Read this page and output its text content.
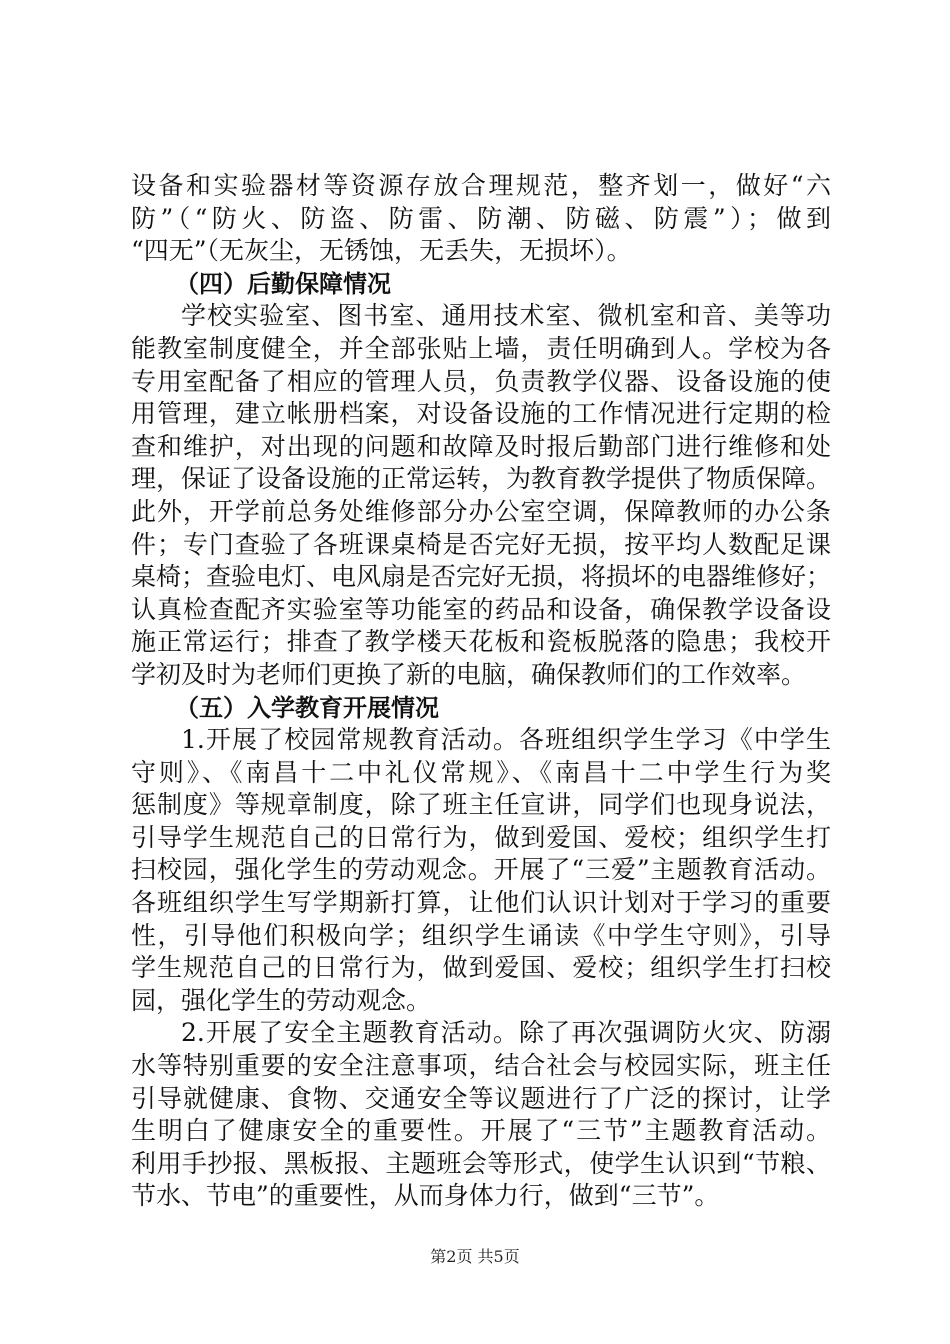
设备和实验器材等资源存放合理规范，整齐划一，做好“六
防”（“防火、防盗、防雷、防潮、防磁、防震”）；做到
“四无”（无灰尘，无锈蚀，无丢失，无损坏）。
（四）后勤保障情况
学校实验室、图书室、通用技术室、微机室和音、美等功
能教室制度健全，并全部张贴上墙，责任明确到人。学校为各
专用室配备了相应的管理人员，负责教学仪器、设备设施的使
用管理，建立帐册档案，对设备设施的工作情况进行定期的检
查和维护，对出现的问题和故障及时报后勤部门进行维修和处
理，保证了设备设施的正常运转，为教育教学提供了物质保障。
此外，开学前总务处维修部分办公室空调，保障教师的办公条
件；专门查验了各班课桌椅是否完好无损，按平均人数配足课
桌椅；查验电灯、电风扇是否完好无损，将损坏的电器维修好；
认真检查配齐实验室等功能室的药品和设备，确保教学设备设
施正常运行；排查了教学楼天花板和瓷板脱落的隐患；我校开
学初及时为老师们更换了新的电脑，确保教师们的工作效率。
（五）入学教育开展情况
1.开展了校园常规教育活动。各班组织学生学习《中学生
守则》、《南昌十二中礼仪常规》、《南昌十二中学生行为奖
惩制度》等规章制度，除了班主任宣讲，同学们也现身说法，
引导学生规范自己的日常行为，做到爱国、爱校；组织学生打
扫校园，强化学生的劳动观念。开展了“三爱”主题教育活动。
各班组织学生写学期新打算，让他们认识计划对于学习的重要
性，引导他们积极向学；组织学生诵读《中学生守则》，引导
学生规范自己的日常行为，做到爱国、爱校；组织学生打扫校
园，强化学生的劳动观念。
2.开展了安全主题教育活动。除了再次强调防火灾、防溺
水等特别重要的安全注意事项，结合社会与校园实际，班主任
引导就健康、食物、交通安全等议题进行了广泛的探讨，让学
生明白了健康安全的重要性。开展了“三节”主题教育活动。
利用手抄报、黑板报、主题班会等形式，使学生认识到“节粮、
节水、节电”的重要性，从而身体力行，做到“三节”。
第2页 共5页
